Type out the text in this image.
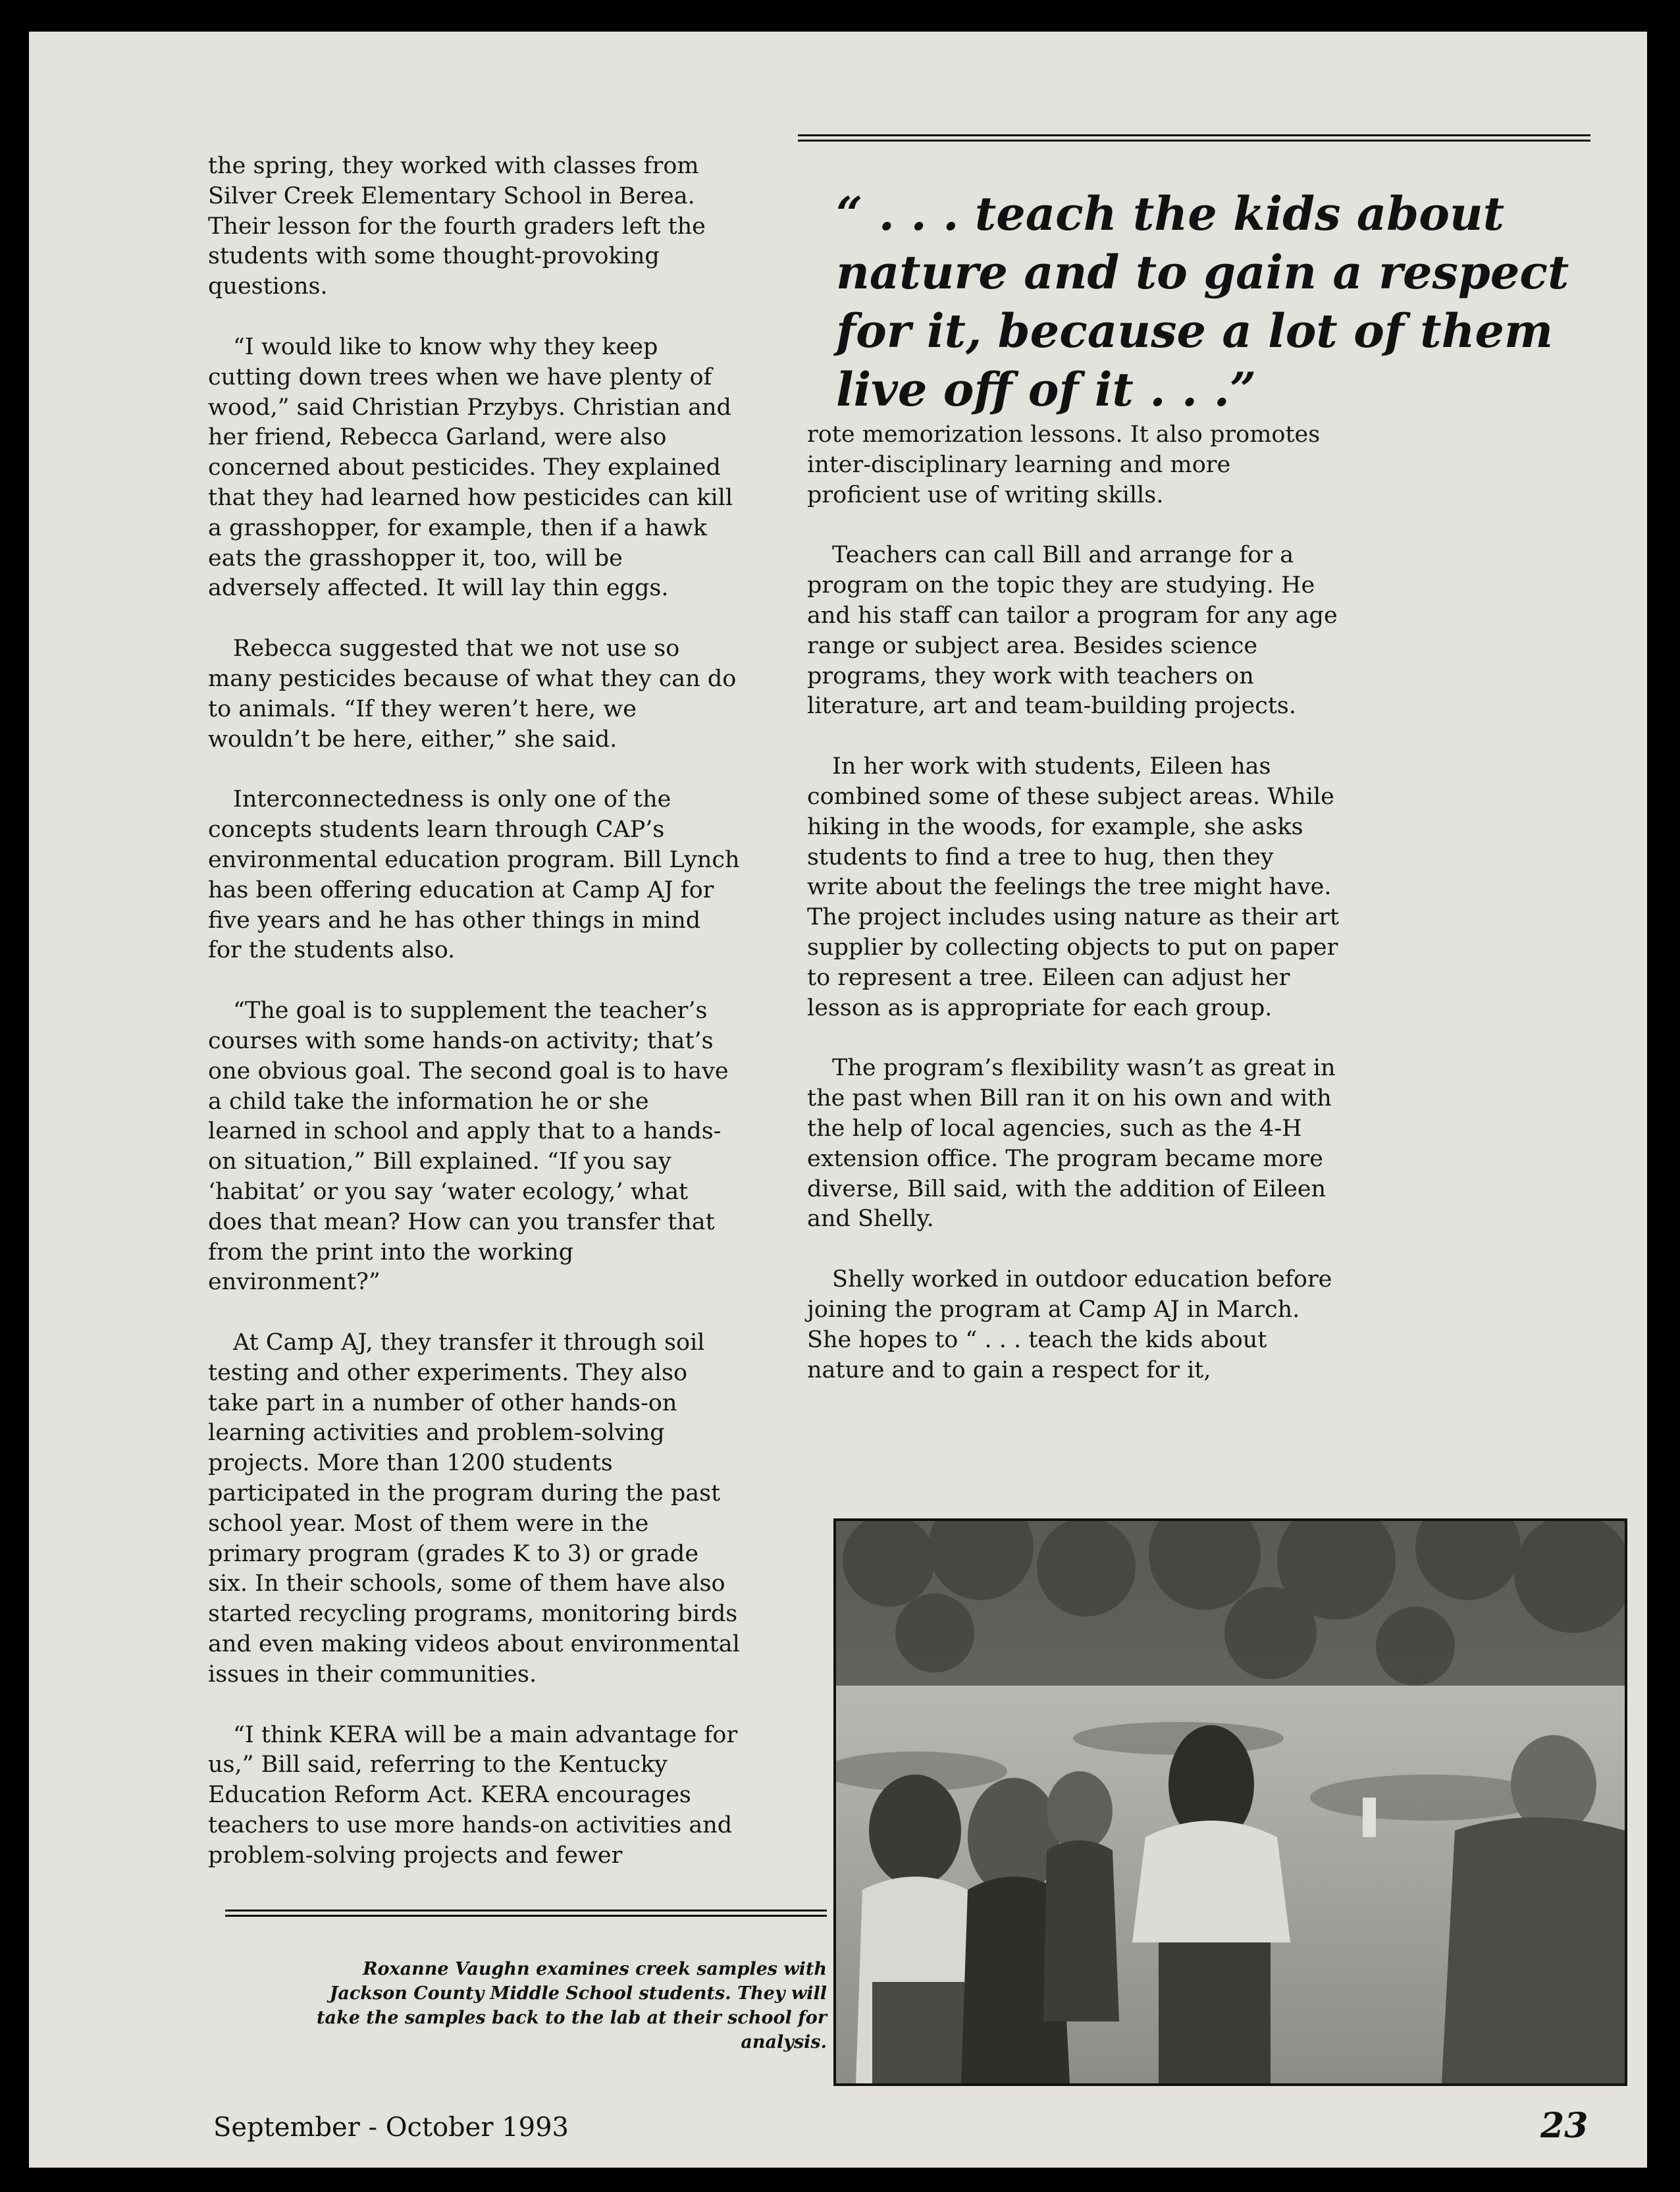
the spring, they worked with classes from Silver Creek Elementary School in Berea. Their lesson for the fourth graders left the students with some thought-provoking questions.

“I would like to know why they keep cutting down trees when we have plenty of wood,” said Christian Przybys. Christian and her friend, Rebecca Garland, were also concerned about pesticides. They explained that they had learned how pesticides can kill a grasshopper, for example, then if a hawk eats the grasshopper it, too, will be adversely affected. It will lay thin eggs.

Rebecca suggested that we not use so many pesticides because of what they can do to animals. “If they weren’t here, we wouldn’t be here, either,” she said.

Interconnectedness is only one of the concepts students learn through CAP’s environmental education program. Bill Lynch has been offering education at Camp AJ for five years and he has other things in mind for the students also.

“The goal is to supplement the teacher’s courses with some hands-on activity; that’s one obvious goal. The second goal is to have a child take the information he or she learned in school and apply that to a hands-on situation,” Bill explained. “If you say ‘habitat’ or you say ‘water ecology,’ what does that mean? How can you transfer that from the print into the working environment?”

At Camp AJ, they transfer it through soil testing and other experiments. They also take part in a number of other hands-on learning activities and problem-solving projects. More than 1200 students participated in the program during the past school year. Most of them were in the primary program (grades K to 3) or grade six. In their schools, some of them have also started recycling programs, monitoring birds and even making videos about environmental issues in their communities.

“I think KERA will be a main advantage for us,” Bill said, referring to the Kentucky Education Reform Act. KERA encourages teachers to use more hands-on activities and problem-solving projects and fewer

“ . . . teach the kids about nature and to gain a respect for it, because a lot of them live off of it . . .”

rote memorization lessons. It also promotes inter-disciplinary learning and more proficient use of writing skills.

Teachers can call Bill and arrange for a program on the topic they are studying. He and his staff can tailor a program for any age range or subject area. Besides science programs, they work with teachers on literature, art and team-building projects.

In her work with students, Eileen has combined some of these subject areas. While hiking in the woods, for example, she asks students to find a tree to hug, then they write about the feelings the tree might have. The project includes using nature as their art supplier by collecting objects to put on paper to represent a tree. Eileen can adjust her lesson as is appropriate for each group.

The program’s flexibility wasn’t as great in the past when Bill ran it on his own and with the help of local agencies, such as the 4-H extension office. The program became more diverse, Bill said, with the addition of Eileen and Shelly.

Shelly worked in outdoor education before joining the program at Camp AJ in March. She hopes to “ . . . teach the kids about nature and to gain a respect for it,

Roxanne Vaughn examines creek samples with Jackson County Middle School students. They will take the samples back to the lab at their school for analysis.

September - October 1993	23
